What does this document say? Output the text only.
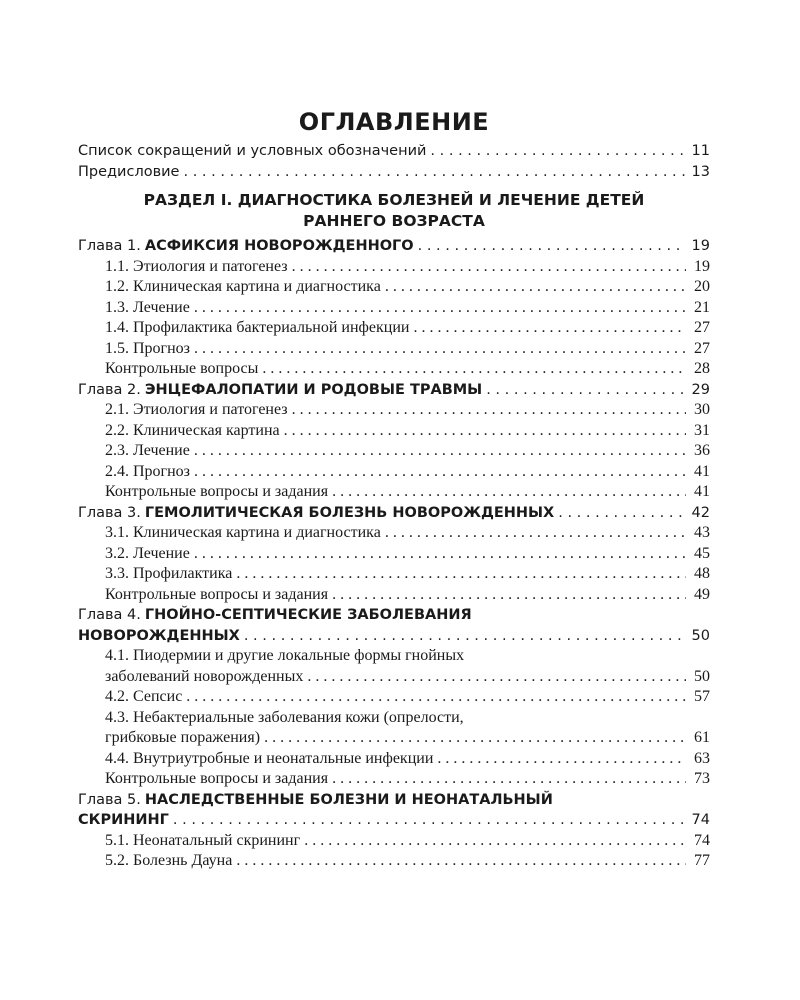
ОГЛАВЛЕНИЕ
Список сокращений и условных обозначений . . .	11
Предисловие . . .	13
РАЗДЕЛ I. ДИАГНОСТИКА БОЛЕЗНЕЙ И ЛЕЧЕНИЕ ДЕТЕЙ
РАННЕГО ВОЗРАСТА
Глава 1. АСФИКСИЯ НОВОРОЖДЕННОГО . . .	19
1.1. Этиология и патогенез . . .	19
1.2. Клиническая картина и диагностика . . .	20
1.3. Лечение . . .	21
1.4. Профилактика бактериальной инфекции . . .	27
1.5. Прогноз . . .	27
Контрольные вопросы . . .	28
Глава 2. ЭНЦЕФАЛОПАТИИ И РОДОВЫЕ ТРАВМЫ . . .	29
2.1. Этиология и патогенез . . .	30
2.2. Клиническая картина . . .	31
2.3. Лечение . . .	36
2.4. Прогноз . . .	41
Контрольные вопросы и задания . . .	41
Глава 3. ГЕМОЛИТИЧЕСКАЯ БОЛЕЗНЬ НОВОРОЖДЕННЫХ . . .	42
3.1. Клиническая картина и диагностика . . .	43
3.2. Лечение . . .	45
3.3. Профилактика . . .	48
Контрольные вопросы и задания . . .	49
Глава 4. ГНОЙНО-СЕПТИЧЕСКИЕ ЗАБОЛЕВАНИЯ
НОВОРОЖДЕННЫХ . . .	50
4.1. Пиодермии и другие локальные формы гнойных
заболеваний новорожденных . . .	50
4.2. Сепсис . . .	57
4.3. Небактериальные заболевания кожи (опрелости,
грибковые поражения) . . .	61
4.4. Внутриутробные и неонатальные инфекции . . .	63
Контрольные вопросы и задания . . .	73
Глава 5. НАСЛЕДСТВЕННЫЕ БОЛЕЗНИ И НЕОНАТАЛЬНЫЙ
СКРИНИНГ . . .	74
5.1. Неонатальный скрининг . . .	74
5.2. Болезнь Дауна . . .	77
